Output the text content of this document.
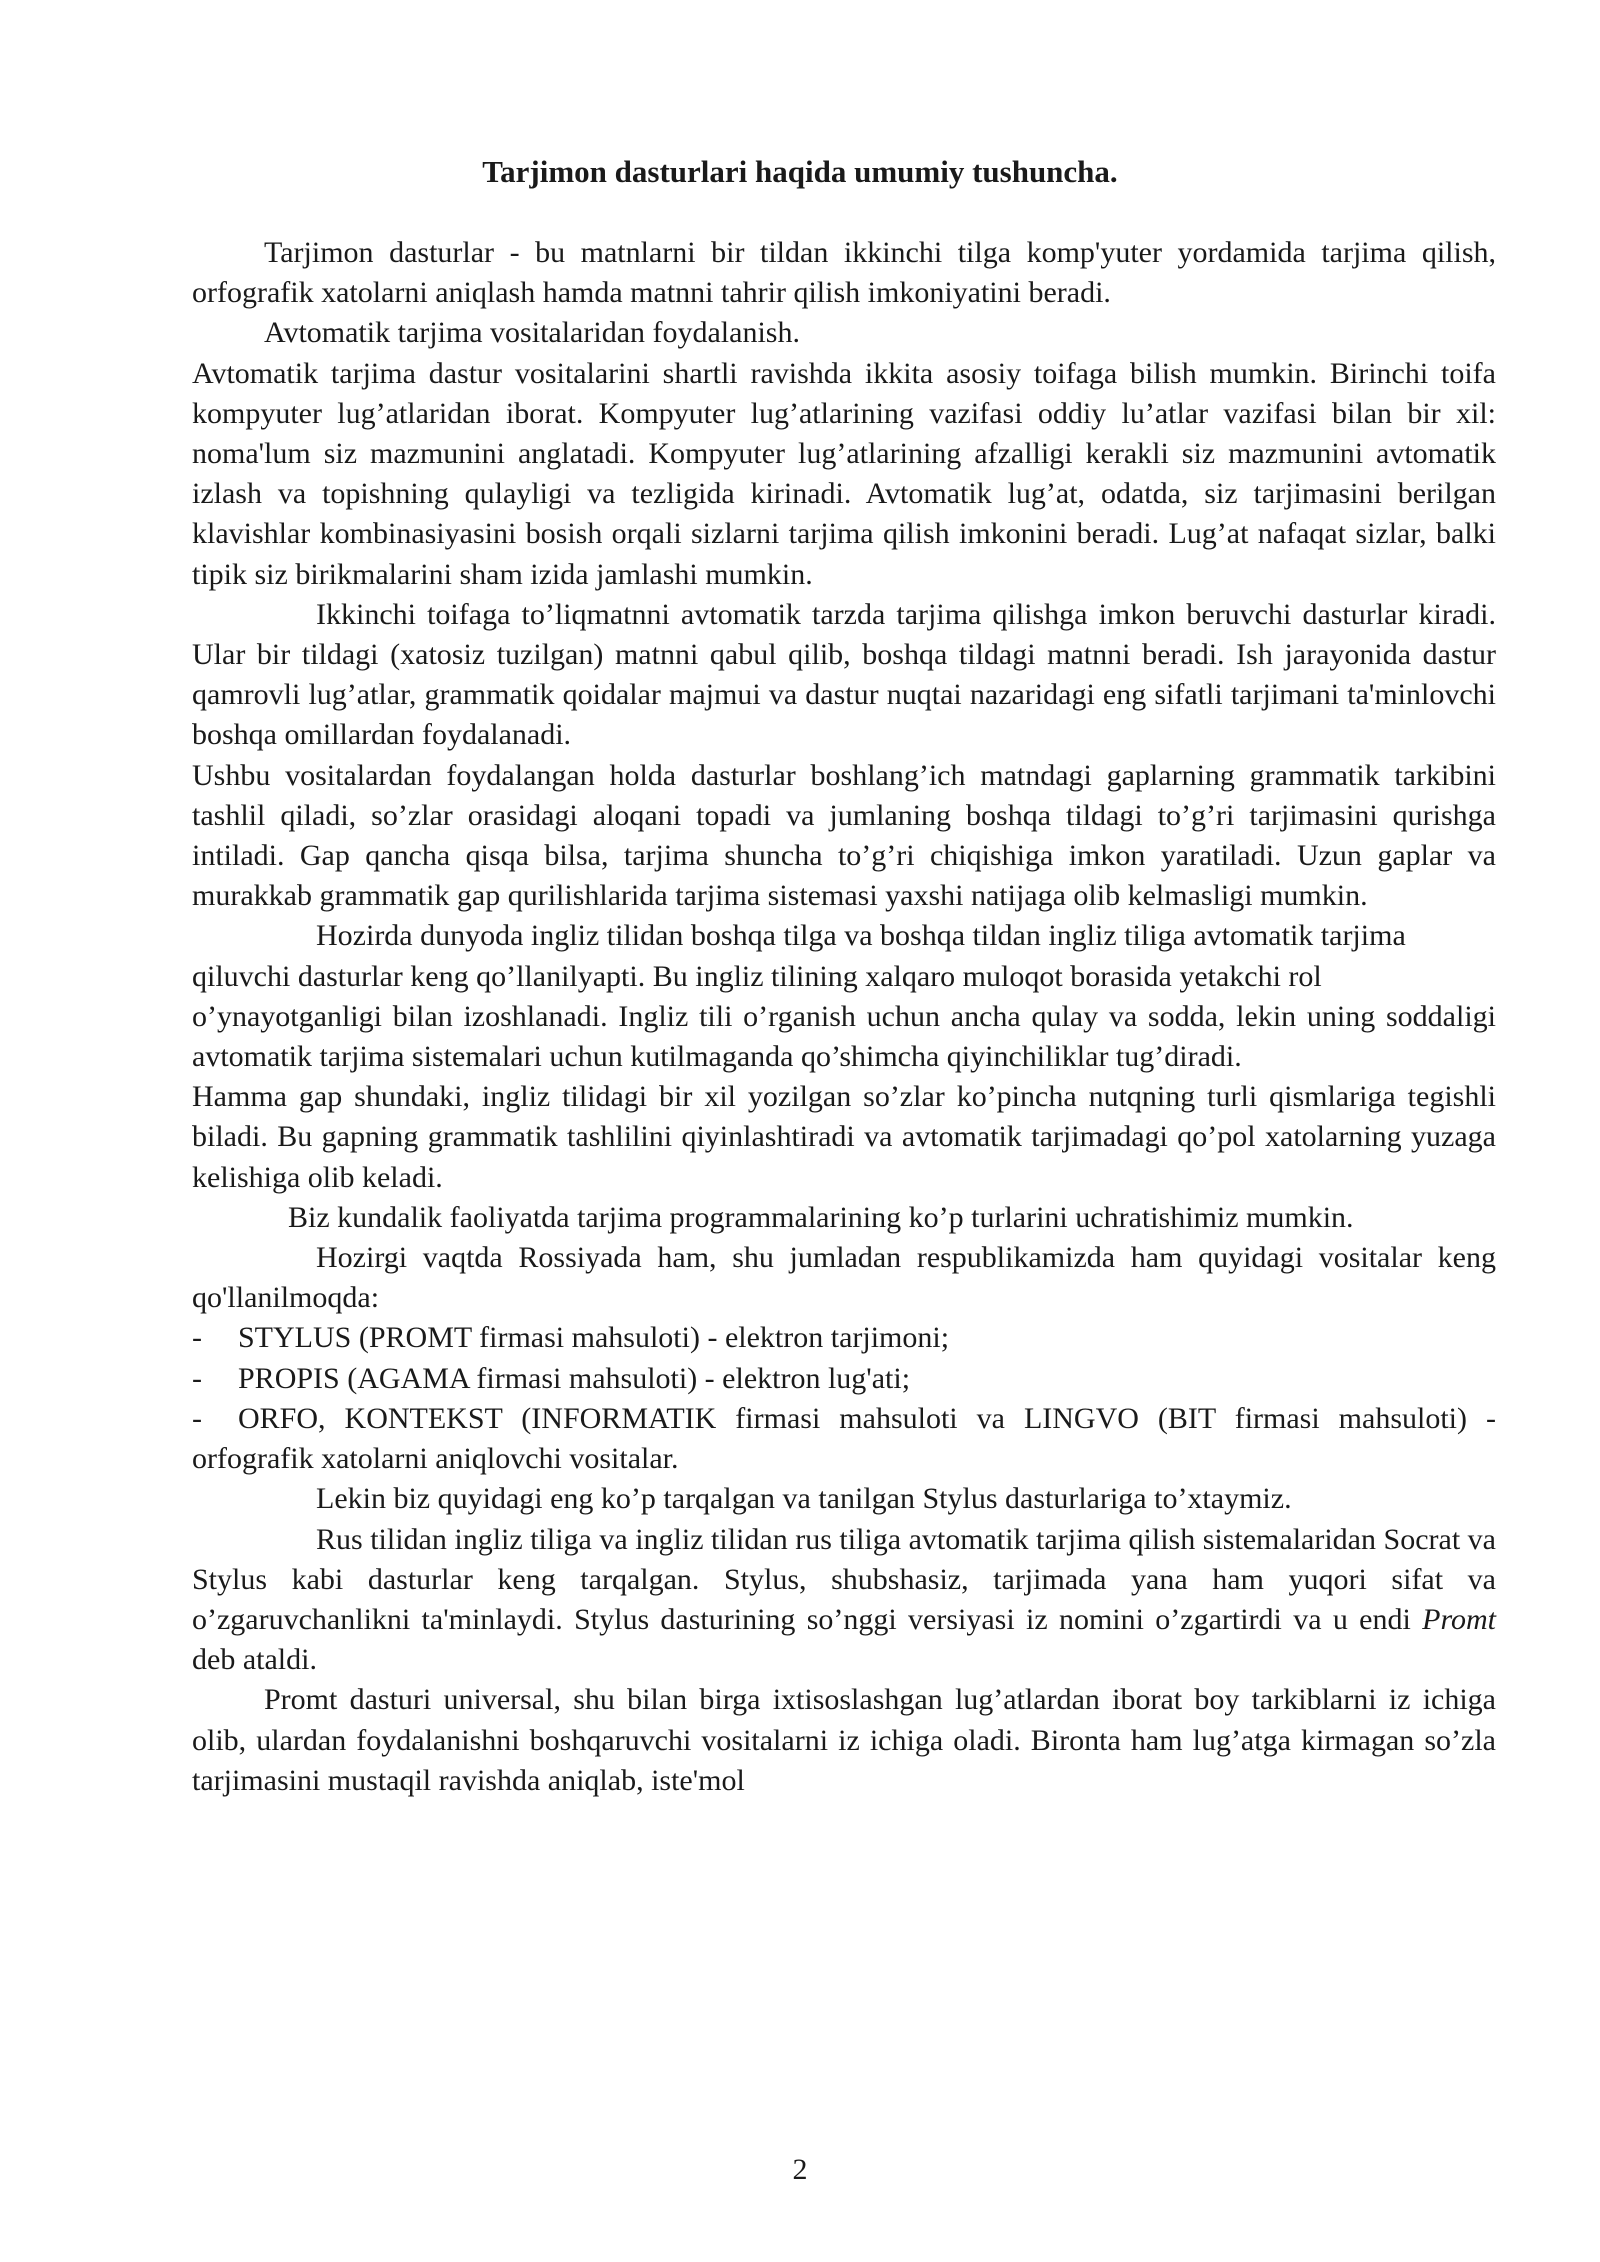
Tarjimon dasturlari haqida umumiy tushuncha.

Tarjimon dasturlar - bu matnlarni bir tildan ikkinchi tilga komp'yuter yordamida tarjima qilish, orfografik xatolarni aniqlash hamda matnni tahrir qilish imkoniyatini beradi.

Avtomatik tarjima vositalaridan foydalanish.

Avtomatik tarjima dastur vositalarini shartli ravishda ikkita asosiy toifaga bilish mumkin. Birinchi toifa kompyuter lug’atlaridan iborat. Kompyuter lug’atlarining vazifasi oddiy lu’atlar vazifasi bilan bir xil: noma'lum siz mazmunini anglatadi. Kompyuter lug’atlarining afzalligi kerakli siz mazmunini avtomatik izlash va topishning qulayligi va tezligida kirinadi. Avtomatik lug’at, odatda, siz tarjimasini berilgan klavishlar kombinasiyasini bosish orqali sizlarni tarjima qilish imkonini beradi. Lug’at nafaqat sizlar, balki tipik siz birikmalarini sham izida jamlashi mumkin.

Ikkinchi toifaga to’liqmatnni avtomatik tarzda tarjima qilishga imkon beruvchi dasturlar kiradi. Ular bir tildagi (xatosiz tuzilgan) matnni qabul qilib, boshqa tildagi matnni beradi. Ish jarayonida dastur qamrovli lug’atlar, grammatik qoidalar majmui va dastur nuqtai nazaridagi eng sifatli tarjimani ta'minlovchi boshqa omillardan foydalanadi.

Ushbu vositalardan foydalangan holda dasturlar boshlang’ich matndagi gaplarning grammatik tarkibini tashlil qiladi, so’zlar orasidagi aloqani topadi va jumlaning boshqa tildagi to’g’ri tarjimasini qurishga intiladi. Gap qancha qisqa bilsa, tarjima shuncha to’g’ri chiqishiga imkon yaratiladi. Uzun gaplar va murakkab grammatik gap qurilishlarida tarjima sistemasi yaxshi natijaga olib kelmasligi mumkin.

Hozirda dunyoda ingliz tilidan boshqa tilga va boshqa tildan ingliz tiliga avtomatik tarjima qiluvchi dasturlar keng qo’llanilyapti. Bu ingliz tilining xalqaro muloqot borasida yetakchi rol

o’ynayotganligi bilan izoshlanadi. Ingliz tili o’rganish uchun ancha qulay va sodda, lekin uning soddaligi avtomatik tarjima sistemalari uchun kutilmaganda qo’shimcha qiyinchiliklar tug’diradi.

Hamma gap shundaki, ingliz tilidagi bir xil yozilgan so’zlar ko’pincha nutqning turli qismlariga tegishli biladi. Bu gapning grammatik tashlilini qiyinlashtiradi va avtomatik tarjimadagi qo’pol xatolarning yuzaga kelishiga olib keladi.

Biz kundalik faoliyatda tarjima programmalarining ko’p turlarini uchratishimiz mumkin.

Hozirgi vaqtda Rossiyada ham, shu jumladan respublikamizda ham quyidagi vositalar keng qo'llanilmoqda:

-	STYLUS (PROMT firmasi mahsuloti) - elektron tarjimoni;
-	PROPIS (AGAMA firmasi mahsuloti) - elektron lug'ati;

- ORFO, KONTEKST (INFORMATIK firmasi mahsuloti va LINGVO (BIT firmasi mahsuloti) - orfografik xatolarni aniqlovchi vositalar.

Lekin biz quyidagi eng ko’p tarqalgan va tanilgan Stylus dasturlariga to’xtaymiz.

Rus tilidan ingliz tiliga va ingliz tilidan rus tiliga avtomatik tarjima qilish sistemalaridan Socrat va Stylus kabi dasturlar keng tarqalgan. Stylus, shubshasiz, tarjimada yana ham yuqori sifat va o’zgaruvchanlikni ta'minlaydi. Stylus dasturining so’nggi versiyasi iz nomini o’zgartirdi va u endi Promt deb ataldi.

Promt dasturi universal, shu bilan birga ixtisoslashgan lug’atlardan iborat boy tarkiblarni iz ichiga olib, ulardan foydalanishni boshqaruvchi vositalarni iz ichiga oladi. Bironta ham lug’atga kirmagan so’zla tarjimasini mustaqil ravishda aniqlab, iste'mol

2
